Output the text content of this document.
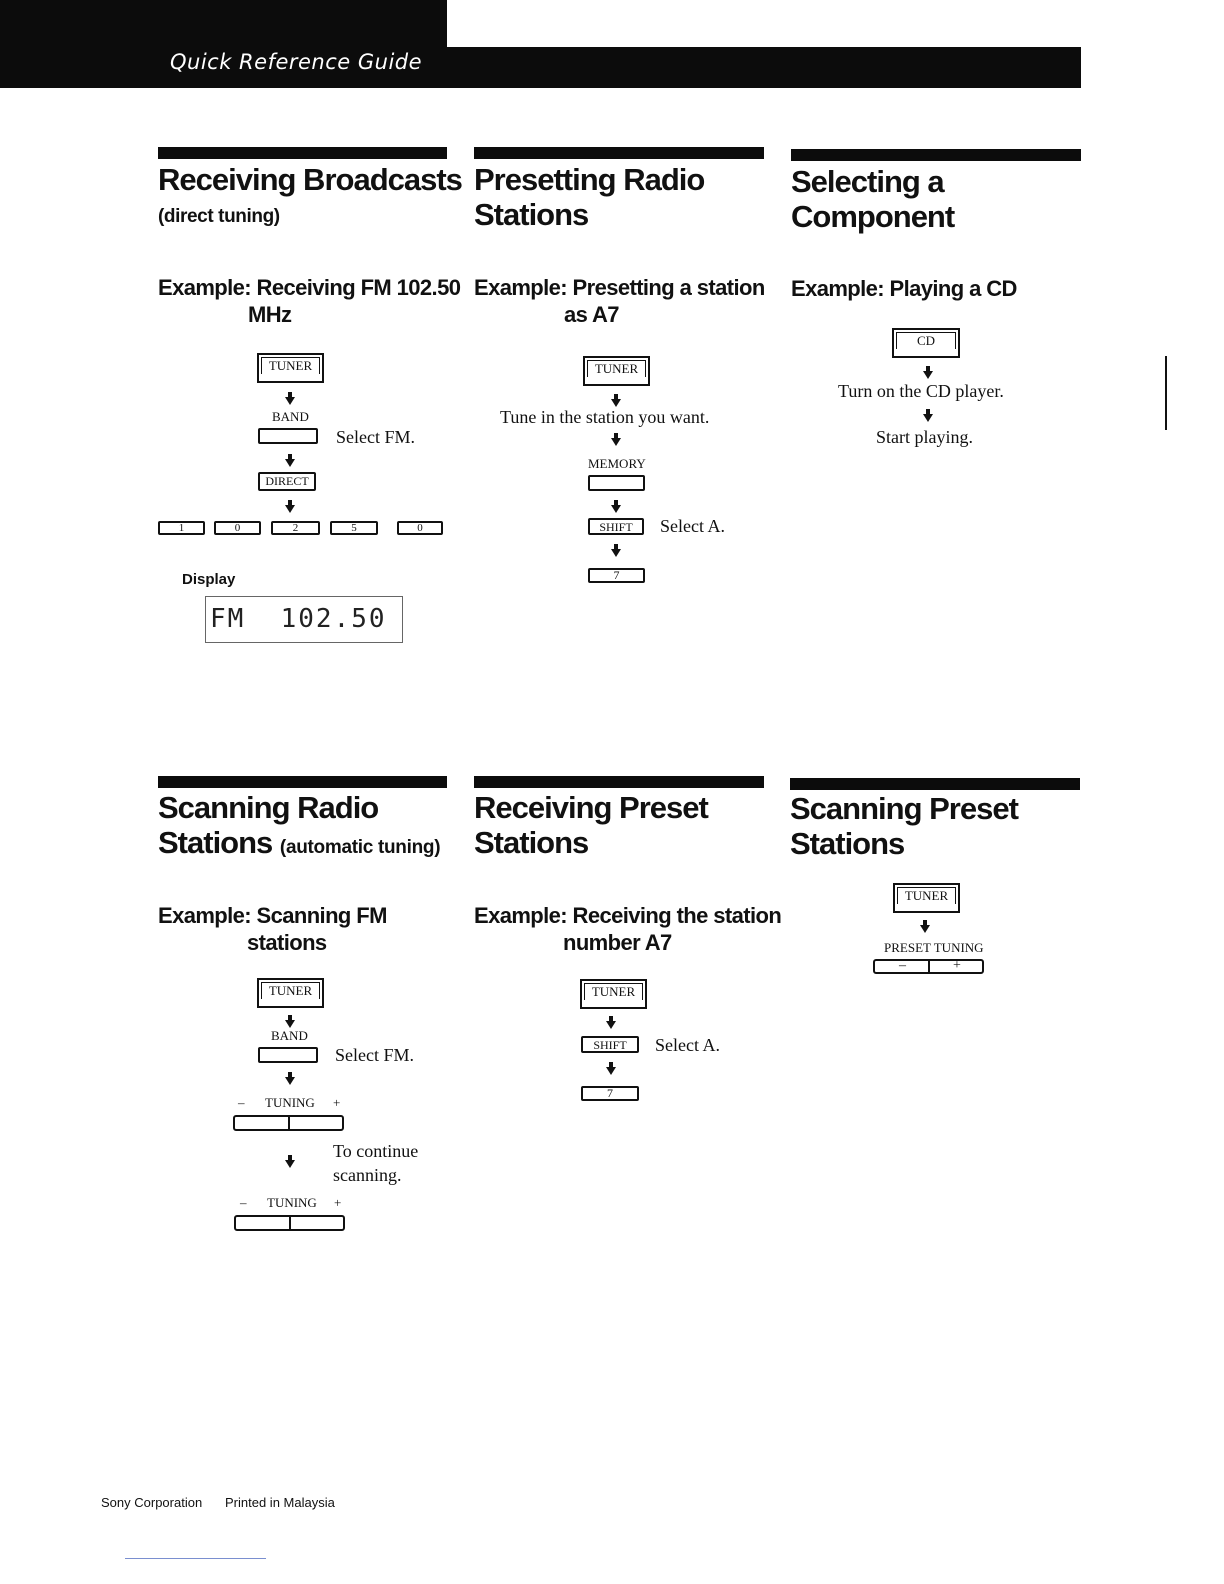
Quick Reference Guide
Receiving Broadcasts
(direct tuning)
Example: Receiving FM 102.50
MHz
TUNER
BAND
Select FM.
DIRECT
1	0	2	5	0
Display
FM  102.50
Presetting Radio
Stations
Example: Presetting a station
as A7
TUNER
Tune in the station you want.
MEMORY
SHIFT	Select A.
7
Selecting a
Component
Example: Playing a CD
CD
Turn on the CD player.
Start playing.
Scanning Radio
Stations (automatic tuning)
Example: Scanning FM
stations
TUNER
BAND
Select FM.
– TUNING +
To continue
scanning.
– TUNING +
Receiving Preset
Stations
Example: Receiving the station
number A7
TUNER
SHIFT	Select A.
7
Scanning Preset
Stations
TUNER
PRESET TUNING
–	+
Sony Corporation Printed in Malaysia
